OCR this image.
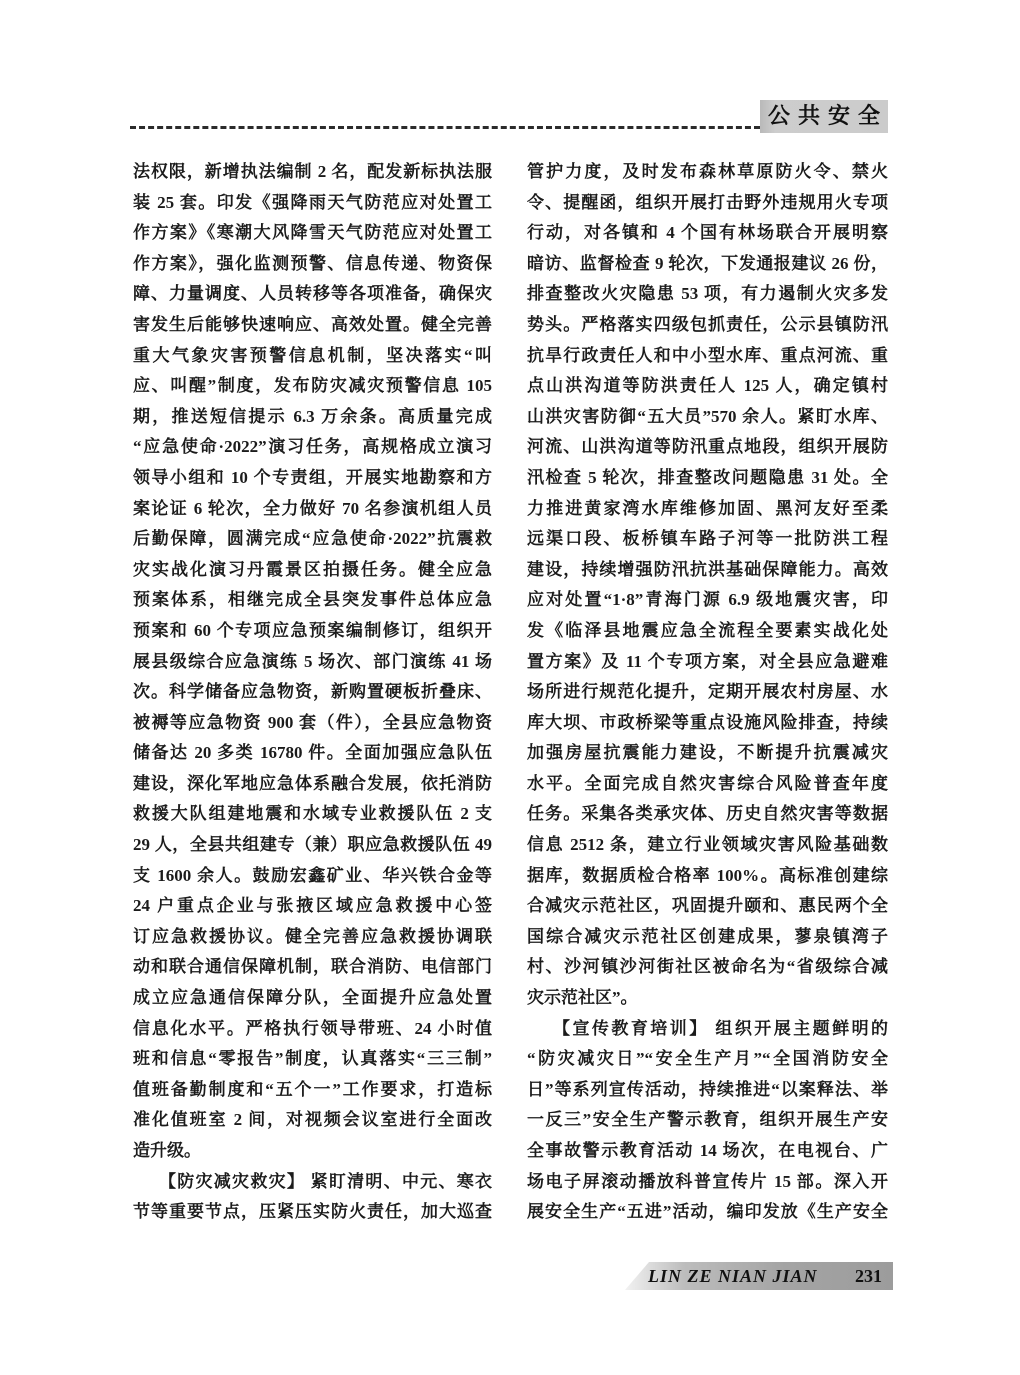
公共安全
法权限，新增执法编制 2 名，配发新标执法服
装 25 套。印发《强降雨天气防范应对处置工
作方案》《寒潮大风降雪天气防范应对处置工
作方案》，强化监测预警、信息传递、物资保
障、力量调度、人员转移等各项准备，确保灾
害发生后能够快速响应、高效处置。健全完善
重大气象灾害预警信息机制，坚决落实“叫
应、叫醒”制度，发布防灾减灾预警信息 105
期，推送短信提示 6.3 万余条。高质量完成
“应急使命·2022”演习任务，高规格成立演习
领导小组和 10 个专责组，开展实地勘察和方
案论证 6 轮次，全力做好 70 名参演机组人员
后勤保障，圆满完成“应急使命·2022”抗震救
灾实战化演习丹霞景区拍摄任务。健全应急
预案体系，相继完成全县突发事件总体应急
预案和 60 个专项应急预案编制修订，组织开
展县级综合应急演练 5 场次、部门演练 41 场
次。科学储备应急物资，新购置硬板折叠床、
被褥等应急物资 900 套（件），全县应急物资
储备达 20 多类 16780 件。全面加强应急队伍
建设，深化军地应急体系融合发展，依托消防
救援大队组建地震和水域专业救援队伍 2 支
29 人，全县共组建专（兼）职应急救援队伍 49
支 1600 余人。鼓励宏鑫矿业、华兴铁合金等
24 户重点企业与张掖区域应急救援中心签
订应急救援协议。健全完善应急救援协调联
动和联合通信保障机制，联合消防、电信部门
成立应急通信保障分队，全面提升应急处置
信息化水平。严格执行领导带班、24 小时值
班和信息“零报告”制度，认真落实“三三制”
值班备勤制度和“五个一”工作要求，打造标
准化值班室 2 间，对视频会议室进行全面改
造升级。
【防灾减灾救灾】 紧盯清明、中元、寒衣
节等重要节点，压紧压实防火责任，加大巡查
管护力度，及时发布森林草原防火令、禁火
令、提醒函，组织开展打击野外违规用火专项
行动，对各镇和 4 个国有林场联合开展明察
暗访、监督检查 9 轮次，下发通报建议 26 份，
排查整改火灾隐患 53 项，有力遏制火灾多发
势头。严格落实四级包抓责任，公示县镇防汛
抗旱行政责任人和中小型水库、重点河流、重
点山洪沟道等防洪责任人 125 人，确定镇村
山洪灾害防御“五大员”570 余人。紧盯水库、
河流、山洪沟道等防汛重点地段，组织开展防
汛检查 5 轮次，排查整改问题隐患 31 处。全
力推进黄家湾水库维修加固、黑河友好至柔
远渠口段、板桥镇车路子河等一批防洪工程
建设，持续增强防汛抗洪基础保障能力。高效
应对处置“1·8”青海门源 6.9 级地震灾害，印
发《临泽县地震应急全流程全要素实战化处
置方案》及 11 个专项方案，对全县应急避难
场所进行规范化提升，定期开展农村房屋、水
库大坝、市政桥梁等重点设施风险排查，持续
加强房屋抗震能力建设，不断提升抗震减灾
水平。全面完成自然灾害综合风险普查年度
任务。采集各类承灾体、历史自然灾害等数据
信息 2512 条，建立行业领域灾害风险基础数
据库，数据质检合格率 100%。高标准创建综
合减灾示范社区，巩固提升颐和、惠民两个全
国综合减灾示范社区创建成果，蓼泉镇湾子
村、沙河镇沙河街社区被命名为“省级综合减
灾示范社区”。
【宣传教育培训】 组织开展主题鲜明的
“防灾减灾日”“安全生产月”“全国消防安全
日”等系列宣传活动，持续推进“以案释法、举
一反三”安全生产警示教育，组织开展生产安
全事故警示教育活动 14 场次，在电视台、广
场电子屏滚动播放科普宣传片 15 部。深入开
展安全生产“五进”活动，编印发放《生产安全
LIN ZE NIAN JIAN 231
